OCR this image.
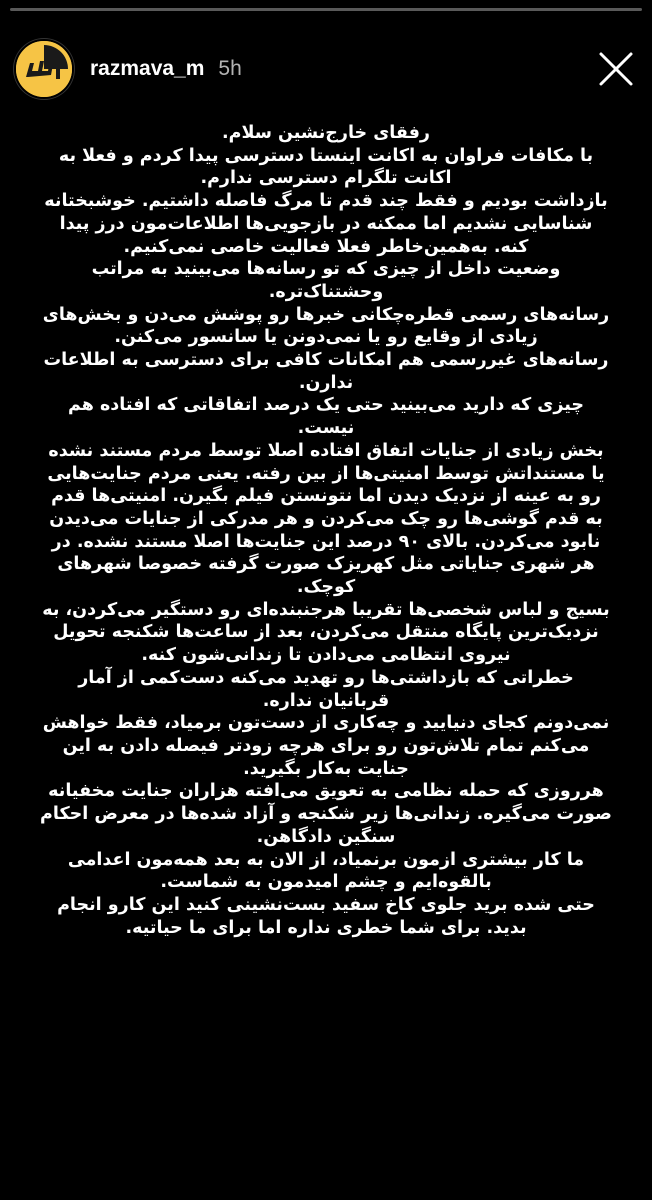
razmava_m 5h

رفقای خارج‌نشین سلام.

با مکافات فراوان به اکانت اینستا دسترسی پیدا کردم و فعلا به اکانت تلگرام دسترسی ندارم.

بازداشت بودیم و فقط چند قدم تا مرگ فاصله داشتیم. خوشبختانه شناسایی نشدیم اما ممکنه در بازجویی‌ها اطلاعات‌مون درز پیدا کنه. به‌همین‌خاطر فعلا فعالیت خاصی نمی‌کنیم.

وضعیت داخل از چیزی که تو رسانه‌ها می‌بینید به مراتب وحشتناک‌تره.

رسانه‌های رسمی قطره‌چکانی خبرها رو پوشش می‌دن و بخش‌های زیادی از وقایع رو یا نمی‌دونن یا سانسور می‌کنن.

رسانه‌های غیررسمی هم امکانات کافی برای دسترسی به اطلاعات ندارن.

چیزی که دارید می‌بینید حتی یک درصد اتفاقاتی که افتاده هم نیست.

بخش زیادی از جنایات اتفاق افتاده اصلا توسط مردم مستند نشده یا مستنداتش توسط امنیتی‌ها از بین رفته. یعنی مردم جنایت‌هایی رو به عینه از نزدیک دیدن اما نتونستن فیلم بگیرن. امنیتی‌ها قدم به قدم گوشی‌ها رو چک می‌کردن و هر مدرکی از جنایات می‌دیدن نابود می‌کردن. بالای ۹۰ درصد این جنایت‌ها اصلا مستند نشده. در هر شهری جنایاتی مثل کهریزک صورت گرفته خصوصا شهرهای کوچک.

بسیج و لباس شخصی‌ها تقریبا هرجنبنده‌ای رو دستگیر می‌کردن، به نزدیک‌ترین پایگاه منتقل می‌کردن، بعد از ساعت‌ها شکنجه تحویل نیروی انتظامی می‌دادن تا زندانی‌شون کنه.

خطراتی که بازداشتی‌ها رو تهدید می‌کنه دست‌کمی از آمار قربانیان نداره.

نمی‌دونم کجای دنیایید و چه‌کاری از دست‌تون برمیاد، فقط خواهش می‌کنم تمام تلاش‌تون رو برای هرچه زودتر فیصله دادن به این جنایت به‌کار بگیرید.

هرروزی که حمله نظامی به تعویق می‌افته هزاران جنایت مخفیانه صورت می‌گیره. زندانی‌ها زیر شکنجه و آزاد شده‌ها در معرض احکام سنگین دادگاهن.

ما کار بیشتری ازمون برنمیاد، از الان به بعد همه‌مون اعدامی بالقوه‌ایم و چشم امیدمون به شماست.

حتی شده برید جلوی کاخ سفید بست‌نشینی کنید این کارو انجام بدید. برای شما خطری نداره اما برای ما حیاتیه.
